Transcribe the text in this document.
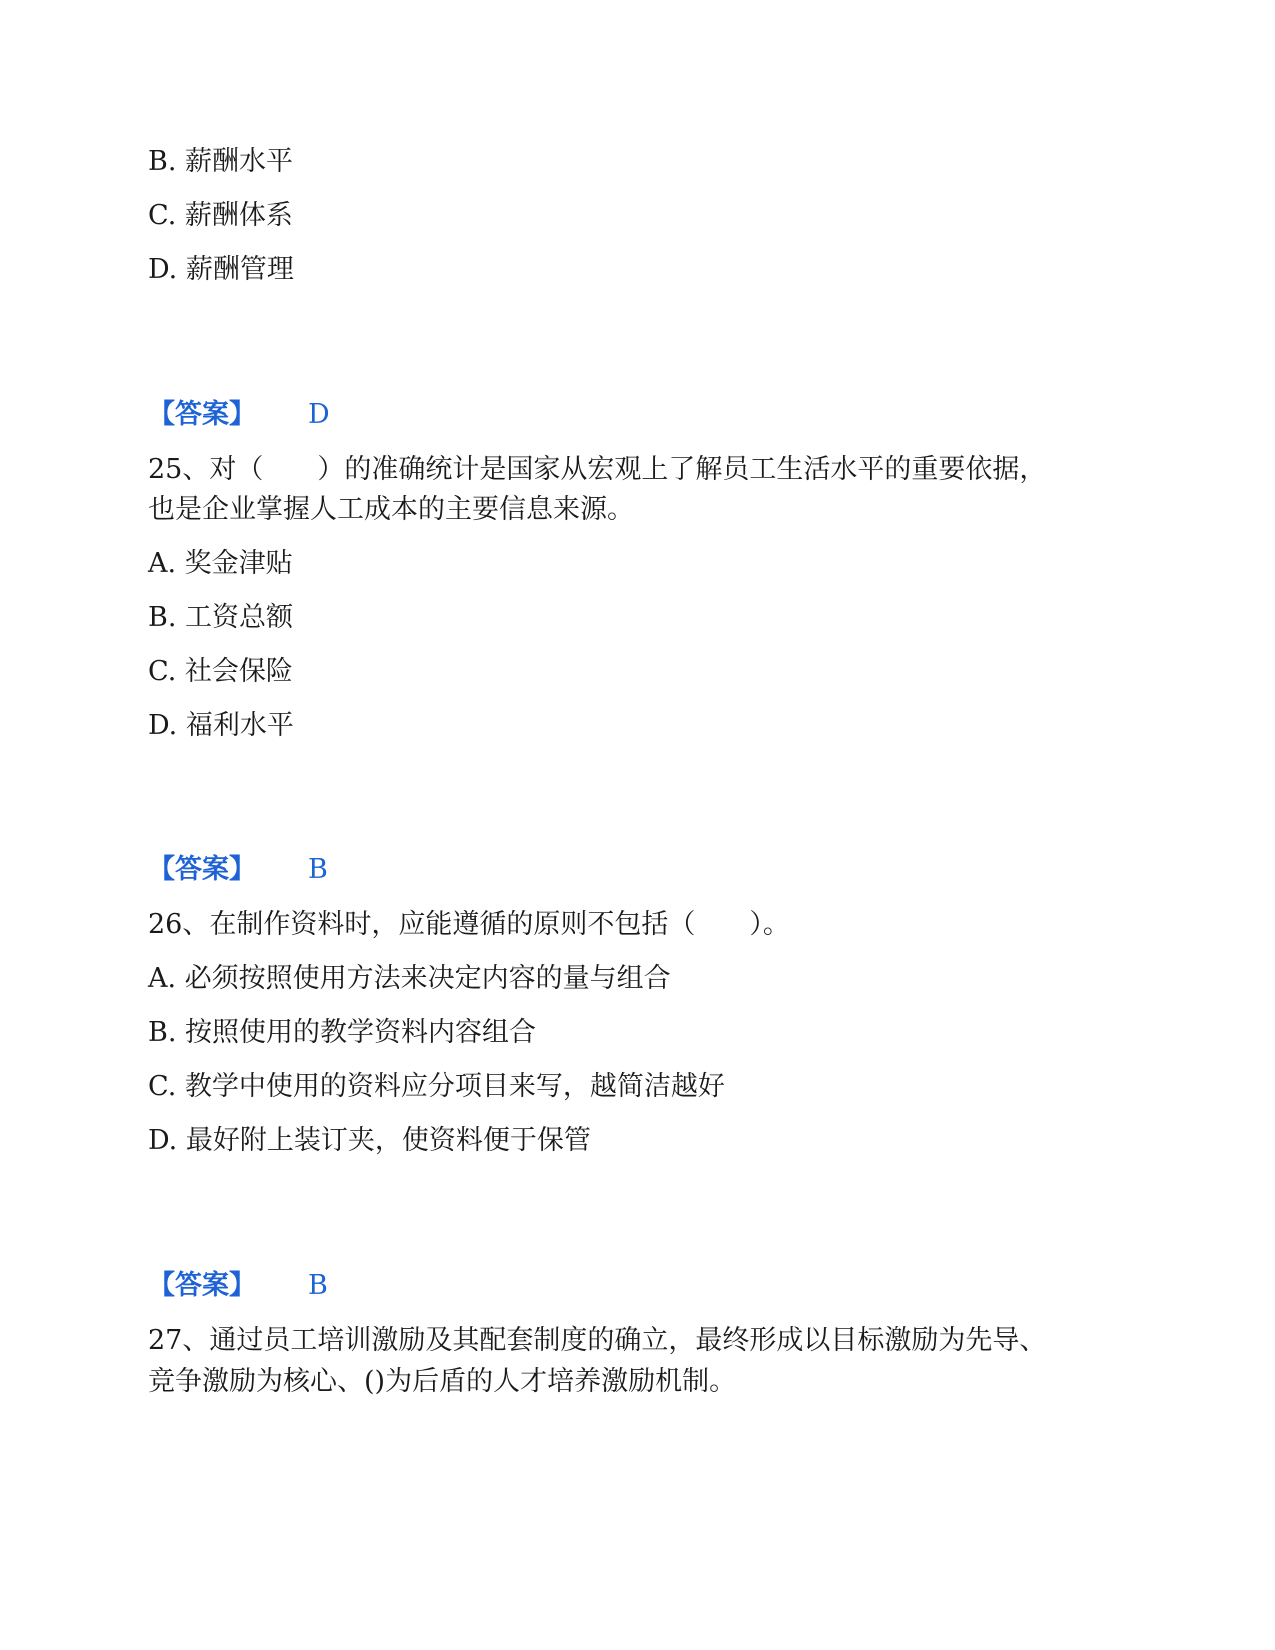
B. 薪酬水平
C. 薪酬体系
D. 薪酬管理
【答案】 D
25、对（　　）的准确统计是国家从宏观上了解员工生活水平的重要依据，
也是企业掌握人工成本的主要信息来源。
A. 奖金津贴
B. 工资总额
C. 社会保险
D. 福利水平
【答案】 B
26、在制作资料时，应能遵循的原则不包括（　　）。
A. 必须按照使用方法来决定内容的量与组合
B. 按照使用的教学资料内容组合
C. 教学中使用的资料应分项目来写，越简洁越好
D. 最好附上装订夹，使资料便于保管
【答案】 B
27、通过员工培训激励及其配套制度的确立，最终形成以目标激励为先导、
竞争激励为核心、()为后盾的人才培养激励机制。
